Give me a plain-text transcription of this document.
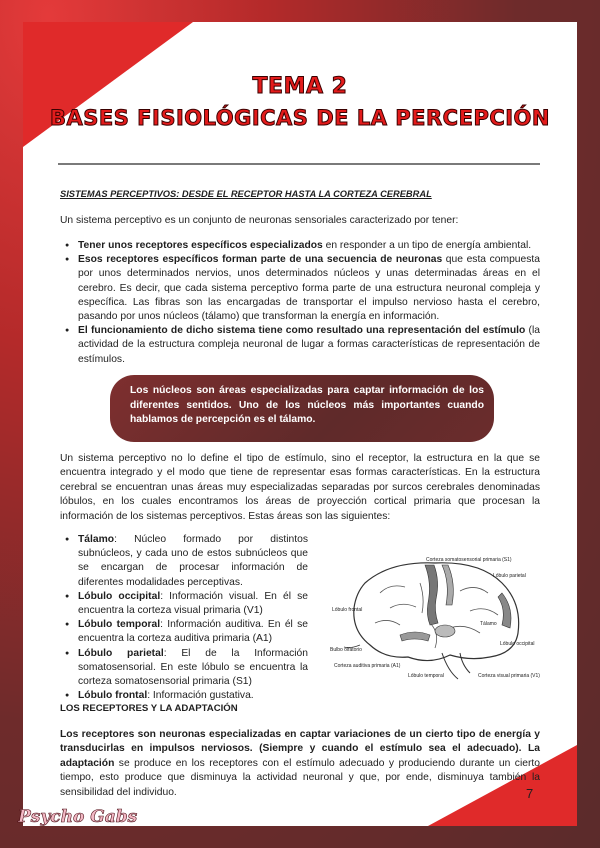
TEMA 2
BASES FISIOLÓGICAS DE LA PERCEPCIÓN
SISTEMAS PERCEPTIVOS: DESDE EL RECEPTOR HASTA LA CORTEZA CEREBRAL
Un sistema perceptivo es un conjunto de neuronas sensoriales caracterizado por tener:
● Tener unos receptores específicos especializados en responder a un tipo de energía ambiental.
● Esos receptores específicos forman parte de una secuencia de neuronas que esta compuesta por unos determinados nervios, unos determinados núcleos y unas determinadas áreas en el cerebro. Es decir, que cada sistema perceptivo forma parte de una estructura neuronal compleja y específica. Las fibras son las encargadas de transportar el impulso nervioso hasta el cerebro, pasando por unos núcleos (tálamo) que transforman la energía en información.
● El funcionamiento de dicho sistema tiene como resultado una representación del estímulo (la actividad de la estructura compleja neuronal de lugar a formas características de representación de estímulos.
Los núcleos son áreas especializadas para captar información de los diferentes sentidos. Uno de los núcleos más importantes cuando hablamos de percepción es el tálamo.
Un sistema perceptivo no lo define el tipo de estímulo, sino el receptor, la estructura en la que se encuentra integrado y el modo que tiene de representar esas formas características. En la estructura cerebral se encuentran unas áreas muy especializadas separadas por surcos cerebrales denominadas lóbulos, en los cuales encontramos los áreas de proyección cortical primaria que procesan la información de los sistemas perceptivos. Estas áreas son las siguientes:
● Tálamo: Núcleo formado por distintos subnúcleos, y cada uno de estos subnúcleos que se encargan de procesar información de diferentes modalidades perceptivas.
● Lóbulo occipital: Información visual. En él se encuentra la corteza visual primaria (V1)
● Lóbulo temporal: Información auditiva. En él se encuentra la corteza auditiva primaria (A1)
● Lóbulo parietal: El de la Información somatosensorial. En este lóbulo se encuentra la corteza somatosensorial primaria (S1)
● Lóbulo frontal: Información gustativa.
Corteza somatosensorial primaria (S1)
Lóbulo parietal
Lóbulo frontal
Lóbulo occipital
Tálamo
Bulbo olfatorio
Corteza auditiva primaria (A1)
Lóbulo temporal	Corteza visual primaria (V1)
LOS RECEPTORES Y LA ADAPTACIÓN
Los receptores son neuronas especializadas en captar variaciones de un cierto tipo de energía y transducirlas en impulsos nerviosos. (Siempre y cuando el estímulo sea el adecuado). La adaptación se produce en los receptores con el estímulo adecuado y produciendo durante un cierto tiempo, esto produce que disminuya la actividad neuronal y que, por ende, disminuya también la sensibilidad del individuo.	7
Psycho Gabs
